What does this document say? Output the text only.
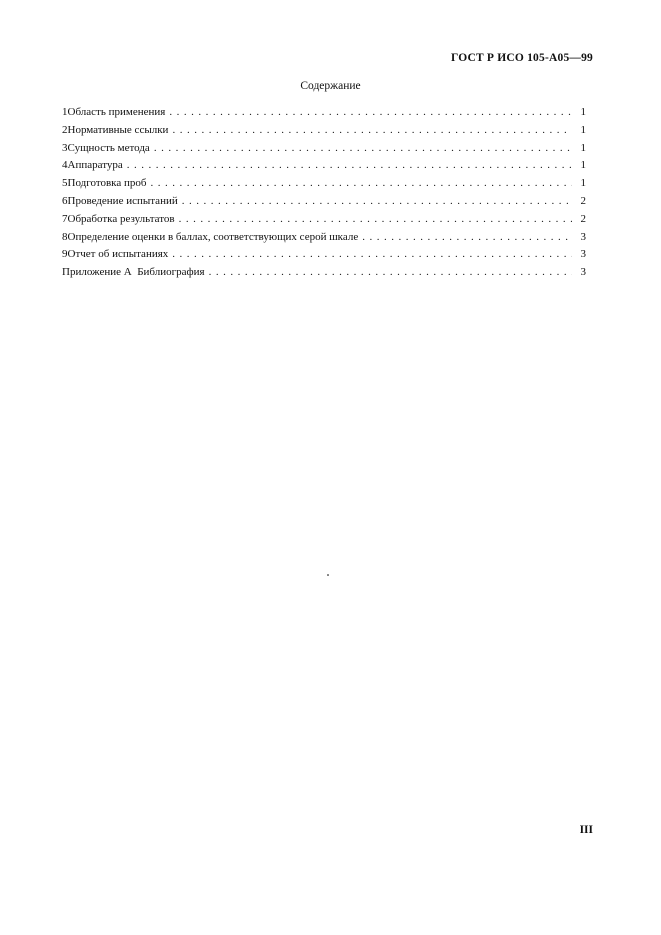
ГОСТ Р ИСО 105-А05—99
Содержание
1 Область применения .....	1
2 Нормативные ссылки .....	1
3 Сущность метода .....	1
4 Аппаратура .....	1
5 Подготовка проб .....	1
6 Проведение испытаний .....	2
7 Обработка результатов .....	2
8 Определение оценки в баллах, соответствующих серой шкале .....	3
9 Отчет об испытаниях .....	3
Приложение А  Библиография .....	3
III
